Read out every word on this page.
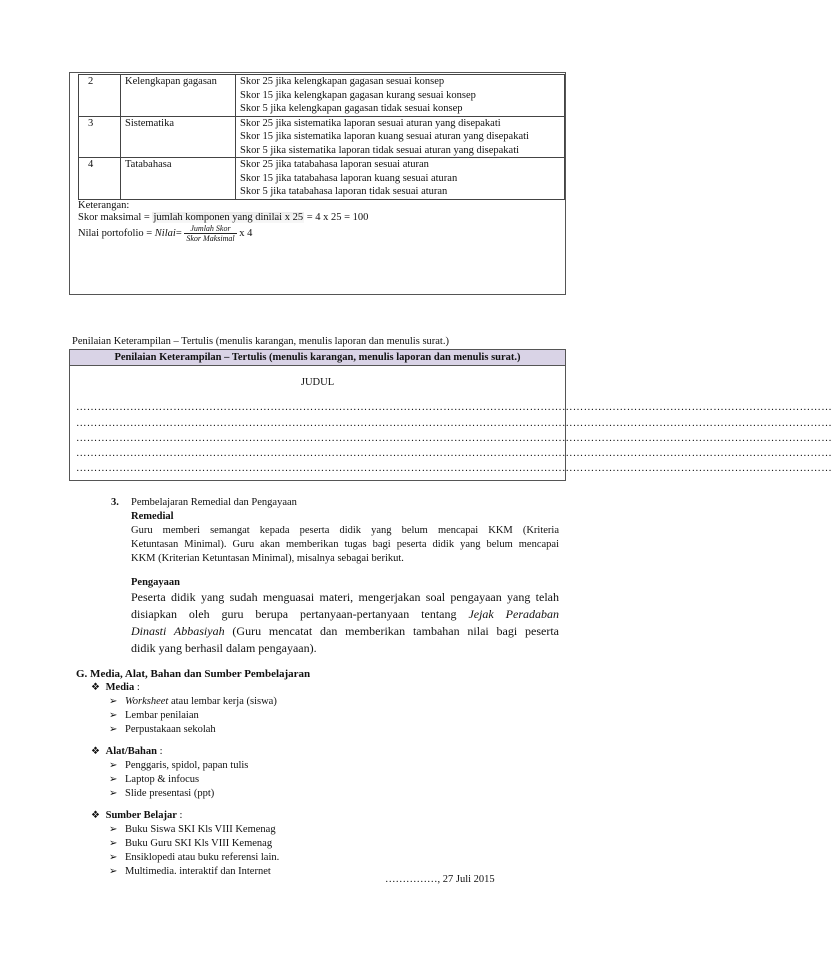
2	Kelengkapan gagasan	Skor 25 jika kelengkapan gagasan sesuai konsep
Skor 15 jika kelengkapan gagasan kurang sesuai konsep
Skor 5 jika kelengkapan gagasan tidak sesuai konsep

3	Sistematika	Skor 25 jika sistematika laporan sesuai aturan yang disepakati
Skor 15 jika sistematika laporan kuang sesuai aturan yang disepakati
Skor 5 jika sistematika laporan tidak sesuai aturan yang disepakati

4	Tatabahasa	Skor 25 jika tatabahasa laporan sesuai aturan
Skor 15 jika tatabahasa laporan kuang sesuai aturan
Skor 5 jika tatabahasa laporan tidak sesuai aturan
Keterangan:
Skor maksimal = jumlah komponen yang dinilai x 25 = 4 x 25 = 100
Nilai portofolio = Nilai= $\frac{\text{Jumlah Skor}}{\text{Skor Maksimal}}$ x 4
Penilaian Keterampilan – Tertulis (menulis karangan, menulis laporan dan menulis surat.)
Penilaian Keterampilan – Tertulis (menulis karangan, menulis laporan dan menulis surat.)
JUDUL
…………………………………………………………………………………………………………………………………………………………………………………………
…………………………………………………………………………………………………………………………………………………………………………………………
…………………………………………………………………………………………………………………………………………………………………………………………
…………………………………………………………………………………………………………………………………………………………………………………………
…………………………………………………………………………………………………………………………………………………………………………………………
3. Pembelajaran Remedial dan Pengayaan
Remedial
Guru memberi semangat kepada peserta didik yang belum mencapai KKM (Kriteria
Ketuntasan Minimal). Guru akan memberikan tugas bagi peserta didik yang belum mencapai
KKM (Kriterian Ketuntasan Minimal), misalnya sebagai berikut.
Pengayaan
Peserta didik yang sudah menguasai materi, mengerjakan soal pengayaan yang telah
disiapkan oleh guru berupa pertanyaan-pertanyaan tentang Jejak Peradaban
Dinasti Abbasiyah (Guru mencatat dan memberikan tambahan nilai bagi peserta
didik yang berhasil dalam pengayaan).
G. Media, Alat, Bahan dan Sumber Pembelajaran
❖ Media :
➢ Worksheet atau lembar kerja (siswa)
➢ Lembar penilaian
➢ Perpustakaan sekolah
❖ Alat/Bahan :
➢ Penggaris, spidol, papan tulis
➢ Laptop & infocus
➢ Slide presentasi (ppt)
❖ Sumber Belajar :
➢ Buku Siswa SKI Kls VIII Kemenag
➢ Buku Guru SKI Kls VIII Kemenag
➢ Ensiklopedi atau buku referensi lain.
➢ Multimedia. interaktif dan Internet
……………, 27 Juli 2015
